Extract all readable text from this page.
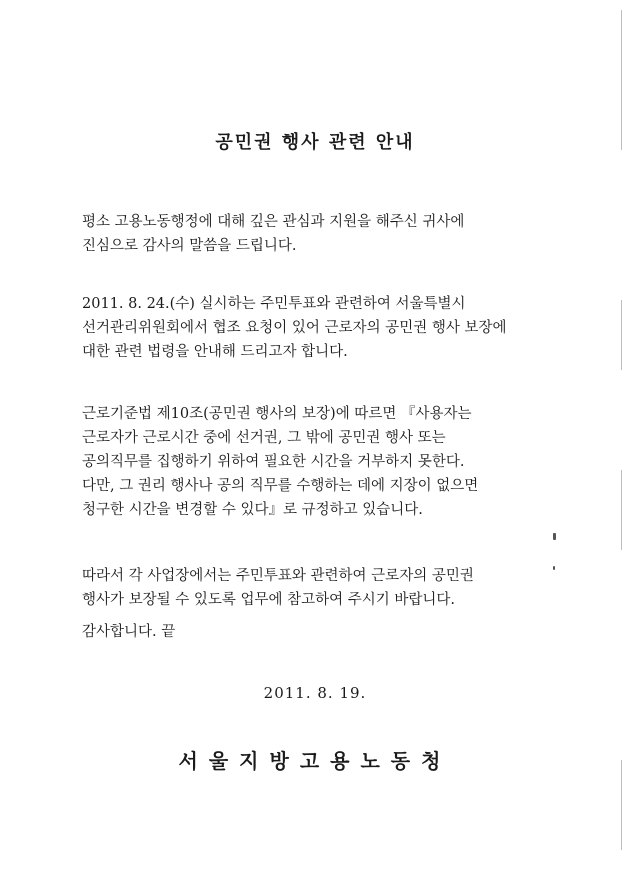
공민권 행사 관련 안내

평소 고용노동행정에 대해 깊은 관심과 지원을 해주신 귀사에
진심으로 감사의 말씀을 드립니다.

2011. 8. 24.(수) 실시하는 주민투표와 관련하여 서울특별시
선거관리위원회에서 협조 요청이 있어 근로자의 공민권 행사 보장에
대한 관련 법령을 안내해 드리고자 합니다.

근로기준법 제10조(공민권 행사의 보장)에 따르면 『사용자는
근로자가 근로시간 중에 선거권, 그 밖에 공민권 행사 또는
공의직무를 집행하기 위하여 필요한 시간을 거부하지 못한다.
다만, 그 권리 행사나 공의 직무를 수행하는 데에 지장이 없으면
청구한 시간을 변경할 수 있다』로 규정하고 있습니다.

따라서 각 사업장에서는 주민투표와 관련하여 근로자의 공민권
행사가 보장될 수 있도록 업무에 참고하여 주시기 바랍니다.

감사합니다. 끝

2011. 8. 19.
서울지방고용노동청
